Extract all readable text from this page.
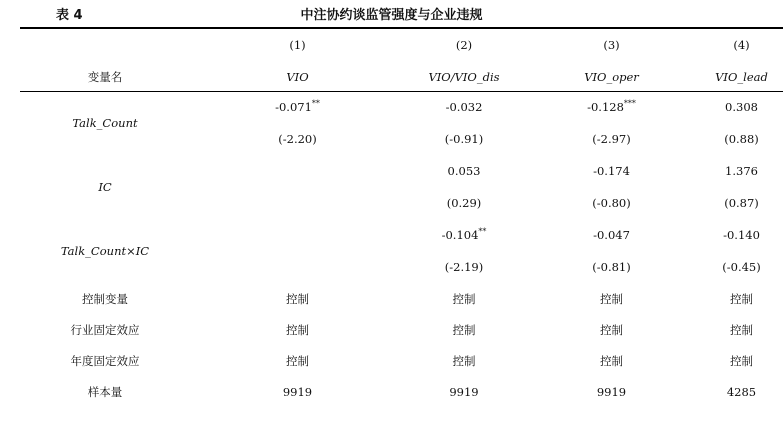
表 4	中注协约谈监管强度与企业违规
	(1)	(2)	(3)	(4)
变量名	VIO	VIO/VIO_dis	VIO_oper	VIO_lead
Talk_Count	-0.071**	-0.032	-0.128***	0.308
	(-2.20)	(-0.91)	(-2.97)	(0.88)
IC		0.053	-0.174	1.376
		(0.29)	(-0.80)	(0.87)
Talk_Count×IC		-0.104**	-0.047	-0.140
		(-2.19)	(-0.81)	(-0.45)
控制变量	控制	控制	控制	控制
行业固定效应	控制	控制	控制	控制
年度固定效应	控制	控制	控制	控制
样本量	9919	9919	9919	4285
